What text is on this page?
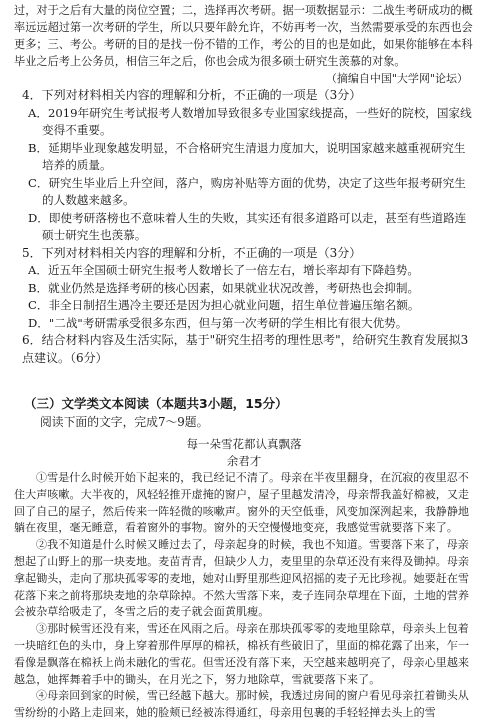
过，对于之后有大量的岗位空置；二，选择再次考研。据一项数据显示：二战生考研成功的概率远远超过第一次考研的学生，所以只要年龄允许，不妨再考一次，当然需要承受的东西也会更多；三、考公。考研的目的是找一份不错的工作，考公的目的也是如此，如果你能够在本科毕业之后考上公务员，相信三年之后，你也会成为很多硕士研究生羡慕的对象。

（摘编自中国"大学网"论坛）

4．下列对材料相关内容的理解和分析，不正确的一项是（3分）

A．2019年研究生考试报考人数增加导致很多专业国家线提高，一些好的院校，国家线变得不重要。

B．延期毕业现象越发明显，不合格研究生清退力度加大，说明国家越来越重视研究生培养的质量。

C．研究生毕业后上升空间，落户，购房补贴等方面的优势，决定了这些年报考研究生的人数越来越多。

D．即使考研落榜也不意味着人生的失败，其实还有很多道路可以走，甚至有些道路连硕士研究生也羡慕。

5．下列对材料相关内容的理解和分析，不正确的一项是（3分）

A．近五年全国硕士研究生报考人数增长了一倍左右，增长率却有下降趋势。

B．就业仍然是选择考研的核心因素，如果就业状况改善，考研热也会抑制。

C．非全日制招生遇冷主要还是因为担心就业问题，招生单位普遍压缩名额。

D．"二战"考研需承受很多东西，但与第一次考研的学生相比有很大优势。

6．结合材料内容及生活实际，基于"研究生招考的理性思考"，给研究生教育发展拟3点建议。（6分）

（三）文学类文本阅读（本题共3小题，15分）

阅读下面的文字，完成7～9题。

每一朵雪花都认真飘落

余君才

①雪是什么时候开始下起来的，我已经记不清了。母亲在半夜里翻身，在沉寂的夜里忍不住大声咳嗽。大半夜的，风轻轻推开虚掩的窗户，屋子里越发清冷，母亲帮我盖好棉被，又走回了自己的屋子，然后传来一阵轻微的咳嗽声。窗外的天空低垂，风变加深洌起来，我静静地躺在夜里，毫无睡意，看着窗外的事物。窗外的天空慢慢地变亮，我感觉雪就要落下来了。

②我不知道是什么时候又睡过去了，母亲起身的时候，我也不知道。雪要落下来了，母亲想起了山野上的那一块麦地。麦苗青青，但缺少人力，麦里里的杂草还没有来得及锄掉。母亲拿起锄头，走向了那块孤零零的麦地，她对山野里那些迎风招摇的麦子无比珍视。她要赶在雪花落下来之前将那块麦地的杂草除掉。不然大雪落下来，麦子连同杂草埋在下面，土地的营养会被杂草给吸走了，冬雪之后的麦子就会面黄肌瘦。

③那时候雪还没有来，雪还在风雨之后。母亲在那块孤零零的麦地里除草，母亲头上包着一块暗红色的头巾，身上穿着那件厚厚的棉袄，棉袄有些破旧了，里面的棉花露了出来，乍一看像是飘落在棉袄上尚未融化的雪花。但雪还没有落下来，天空越来越明亮了，母亲心里越来越急，她挥舞着手中的锄头，在月光之下，努力地除草，雪就要落下来了。

④母亲回到家的时候，雪已经越下越大。那时候，我透过房间的窗户看见母亲扛着锄头从雪纷纷的小路上走回来，她的脸颊已经被冻得通红，母亲用包裹的手轻轻掸去头上的雪
